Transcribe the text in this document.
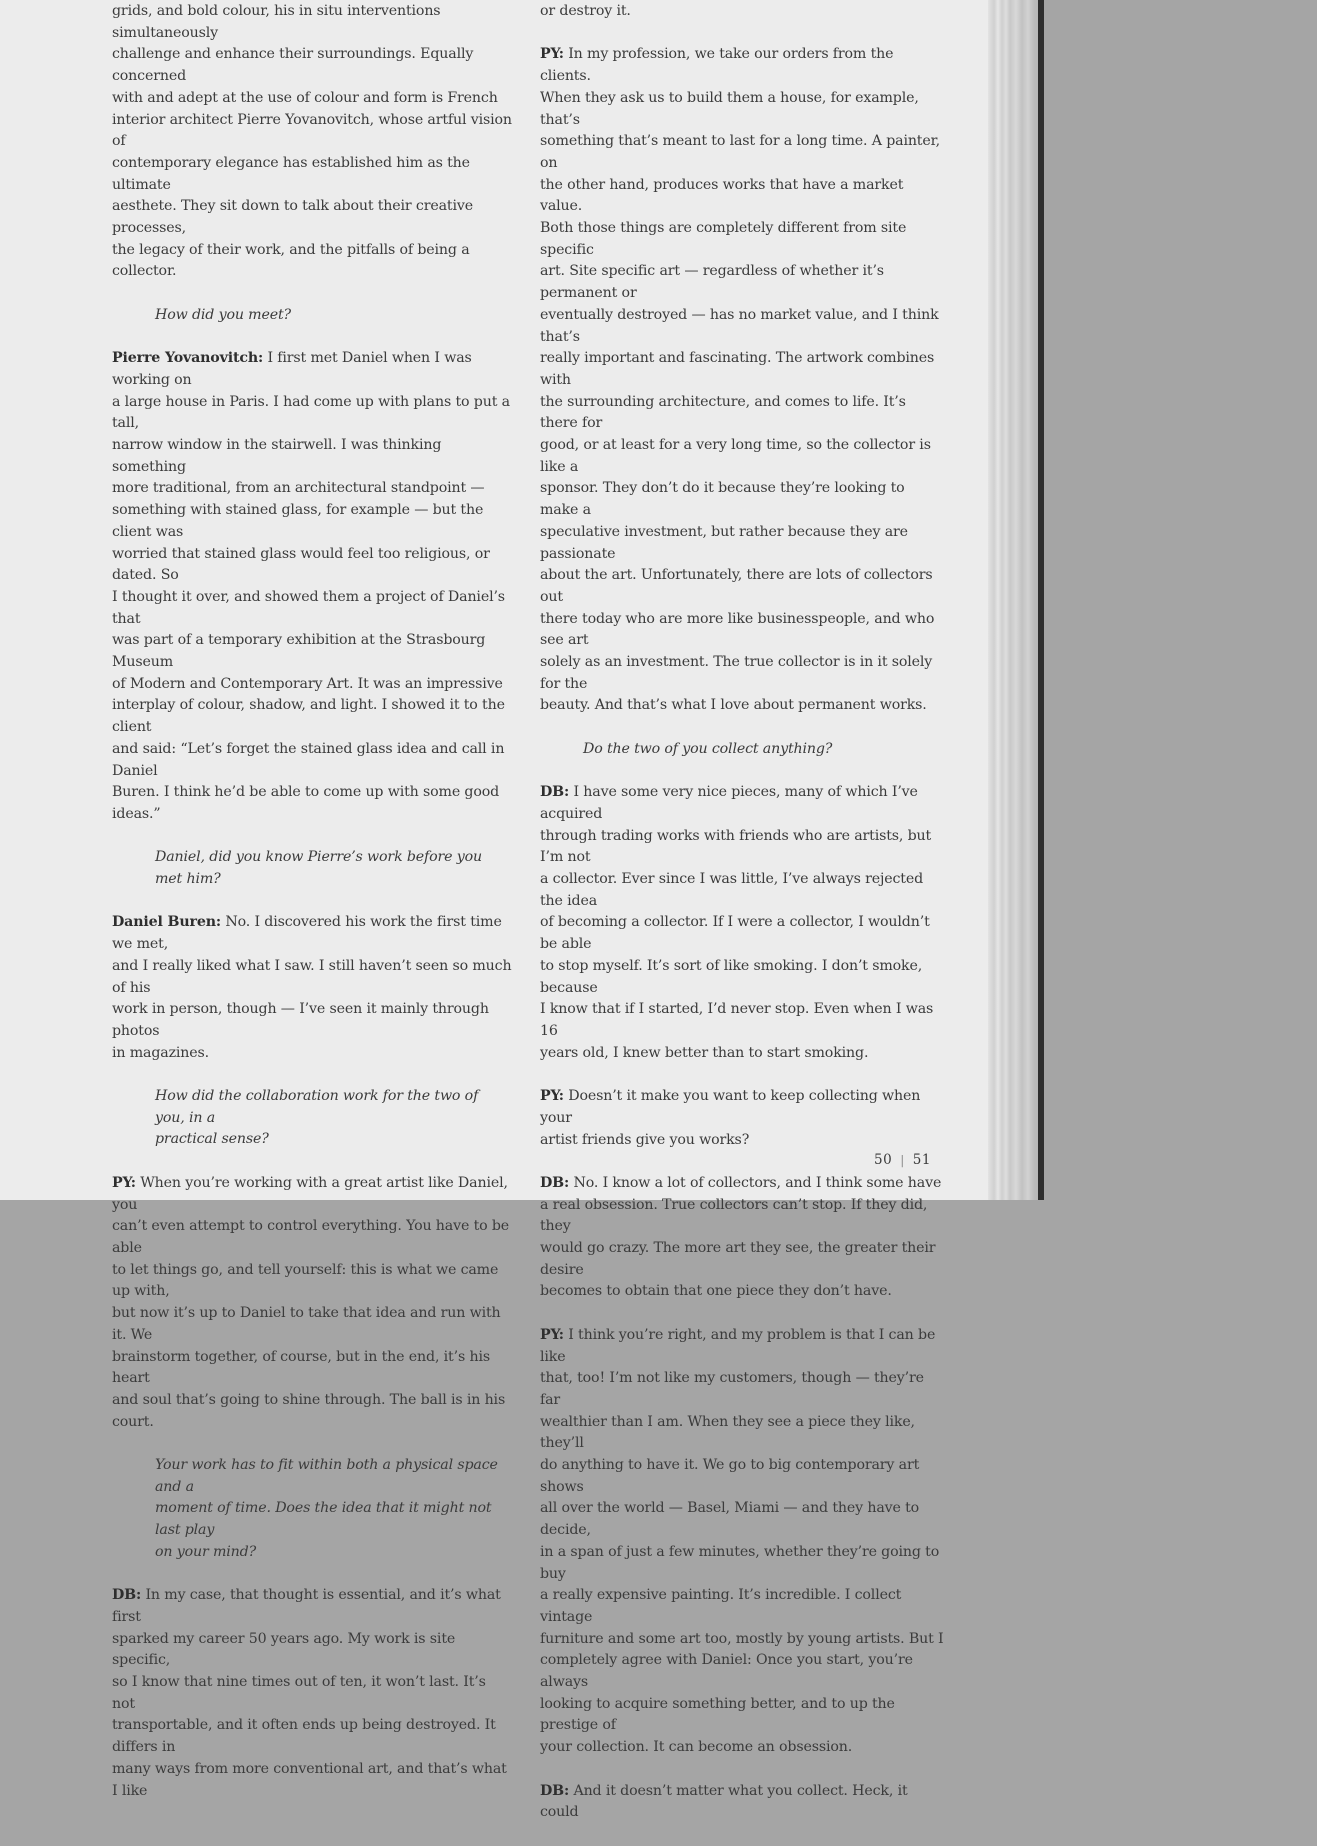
grids, and bold colour, his in situ interventions simultaneously
challenge and enhance their surroundings. Equally concerned
with and adept at the use of colour and form is French
interior architect Pierre Yovanovitch, whose artful vision of
contemporary elegance has established him as the ultimate
aesthete. They sit down to talk about their creative processes,
the legacy of their work, and the pitfalls of being a collector.

How did you meet?

Pierre Yovanovitch: I first met Daniel when I was working on
a large house in Paris. I had come up with plans to put a tall,
narrow window in the stairwell. I was thinking something
more traditional, from an architectural standpoint —
something with stained glass, for example — but the client was
worried that stained glass would feel too religious, or dated. So
I thought it over, and showed them a project of Daniel’s that
was part of a temporary exhibition at the Strasbourg Museum
of Modern and Contemporary Art. It was an impressive
interplay of colour, shadow, and light. I showed it to the client
and said: “Let’s forget the stained glass idea and call in Daniel
Buren. I think he’d be able to come up with some good ideas.”

Daniel, did you know Pierre’s work before you met him?

Daniel Buren: No. I discovered his work the first time we met,
and I really liked what I saw. I still haven’t seen so much of his
work in person, though — I’ve seen it mainly through photos
in magazines.

How did the collaboration work for the two of you, in a
practical sense?

PY: When you’re working with a great artist like Daniel, you
can’t even attempt to control everything. You have to be able
to let things go, and tell yourself: this is what we came up with,
but now it’s up to Daniel to take that idea and run with it. We
brainstorm together, of course, but in the end, it’s his heart
and soul that’s going to shine through. The ball is in his court.

Your work has to fit within both a physical space and a
moment of time. Does the idea that it might not last play
on your mind?

DB: In my case, that thought is essential, and it’s what first
sparked my career 50 years ago. My work is site specific,
so I know that nine times out of ten, it won’t last. It’s not
transportable, and it often ends up being destroyed. It differs in
many ways from more conventional art, and that’s what I like

or destroy it.

PY: In my profession, we take our orders from the clients.
When they ask us to build them a house, for example, that’s
something that’s meant to last for a long time. A painter, on
the other hand, produces works that have a market value.
Both those things are completely different from site specific
art. Site specific art — regardless of whether it’s permanent or
eventually destroyed — has no market value, and I think that’s
really important and fascinating. The artwork combines with
the surrounding architecture, and comes to life. It’s there for
good, or at least for a very long time, so the collector is like a
sponsor. They don’t do it because they’re looking to make a
speculative investment, but rather because they are passionate
about the art. Unfortunately, there are lots of collectors out
there today who are more like businesspeople, and who see art
solely as an investment. The true collector is in it solely for the
beauty. And that’s what I love about permanent works.

Do the two of you collect anything?

DB: I have some very nice pieces, many of which I’ve acquired
through trading works with friends who are artists, but I’m not
a collector. Ever since I was little, I’ve always rejected the idea
of becoming a collector. If I were a collector, I wouldn’t be able
to stop myself. It’s sort of like smoking. I don’t smoke, because
I know that if I started, I’d never stop. Even when I was 16
years old, I knew better than to start smoking.

PY: Doesn’t it make you want to keep collecting when your
artist friends give you works?

DB: No. I know a lot of collectors, and I think some have
a real obsession. True collectors can’t stop. If they did, they
would go crazy. The more art they see, the greater their desire
becomes to obtain that one piece they don’t have.

PY: I think you’re right, and my problem is that I can be like
that, too! I’m not like my customers, though — they’re far
wealthier than I am. When they see a piece they like, they’ll
do anything to have it. We go to big contemporary art shows
all over the world — Basel, Miami — and they have to decide,
in a span of just a few minutes, whether they’re going to buy
a really expensive painting. It’s incredible. I collect vintage
furniture and some art too, mostly by young artists. But I
completely agree with Daniel: Once you start, you’re always
looking to acquire something better, and to up the prestige of
your collection. It can become an obsession.

DB: And it doesn’t matter what you collect. Heck, it could

50 | 51
